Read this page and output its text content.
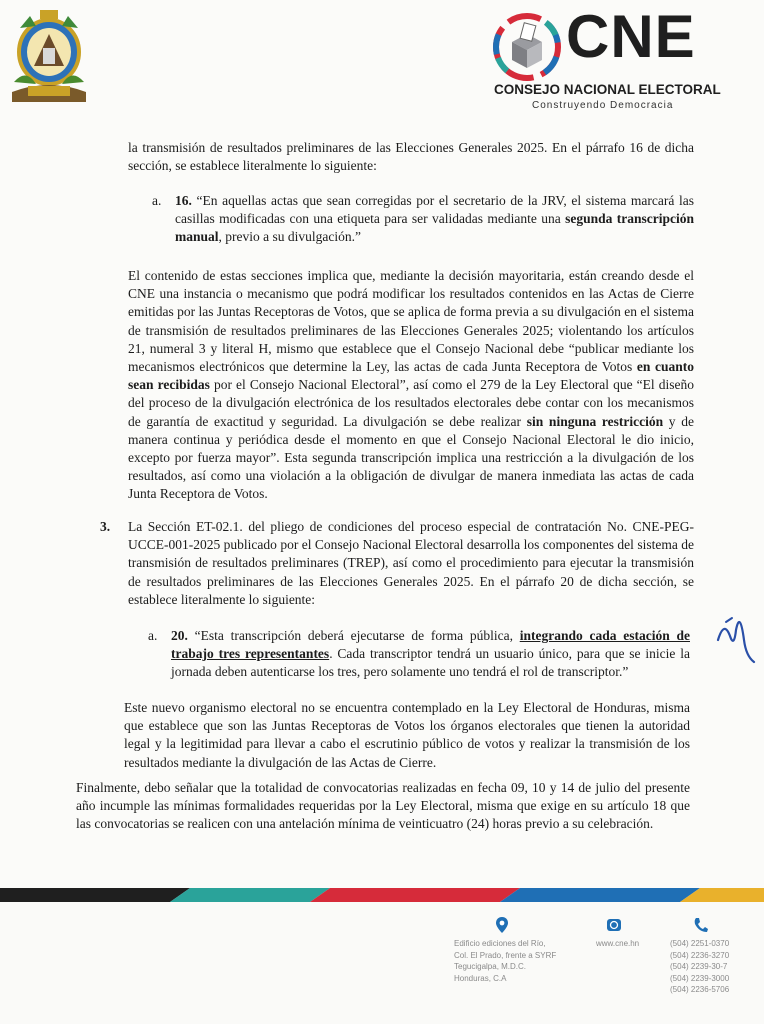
CNE
CONSEJO NACIONAL ELECTORAL
Construyendo Democracia

la transmisión de resultados preliminares de las Elecciones Generales 2025. En el párrafo 16 de dicha sección, se establece literalmente lo siguiente:

a. 16. “En aquellas actas que sean corregidas por el secretario de la JRV, el sistema marcará las casillas modificadas con una etiqueta para ser validadas mediante una segunda transcripción manual, previo a su divulgación.”

El contenido de estas secciones implica que, mediante la decisión mayoritaria, están creando desde el CNE una instancia o mecanismo que podrá modificar los resultados contenidos en las Actas de Cierre emitidas por las Juntas Receptoras de Votos, que se aplica de forma previa a su divulgación en el sistema de transmisión de resultados preliminares de las Elecciones Generales 2025; violentando los artículos 21, numeral 3 y literal H, mismo que establece que el Consejo Nacional debe “publicar mediante los mecanismos electrónicos que determine la Ley, las actas de cada Junta Receptora de Votos en cuanto sean recibidas por el Consejo Nacional Electoral”, así como el 279 de la Ley Electoral que “El diseño del proceso de la divulgación electrónica de los resultados electorales debe contar con los mecanismos de garantía de exactitud y seguridad. La divulgación se debe realizar sin ninguna restricción y de manera continua y periódica desde el momento en que el Consejo Nacional Electoral le dio inicio, excepto por fuerza mayor”. Esta segunda transcripción implica una restricción a la divulgación de los resultados, así como una violación a la obligación de divulgar de manera inmediata las actas de cada Junta Receptora de Votos.

3. La Sección ET-02.1. del pliego de condiciones del proceso especial de contratación No. CNE-PEG-UCCE-001-2025 publicado por el Consejo Nacional Electoral desarrolla los componentes del sistema de transmisión de resultados preliminares (TREP), así como el procedimiento para ejecutar la transmisión de resultados preliminares de las Elecciones Generales 2025. En el párrafo 20 de dicha sección, se establece literalmente lo siguiente:

a. 20. “Esta transcripción deberá ejecutarse de forma pública, integrando cada estación de trabajo tres representantes. Cada transcriptor tendrá un usuario único, para que se inicie la jornada deben autenticarse los tres, pero solamente uno tendrá el rol de transcriptor.”

Este nuevo organismo electoral no se encuentra contemplado en la Ley Electoral de Honduras, misma que establece que son las Juntas Receptoras de Votos los órganos electorales que tienen la autoridad legal y la legitimidad para llevar a cabo el escrutinio público de votos y realizar la transmisión de los resultados mediante la divulgación de las Actas de Cierre.

Finalmente, debo señalar que la totalidad de convocatorias realizadas en fecha 09, 10 y 14 de julio del presente año incumple las mínimas formalidades requeridas por la Ley Electoral, misma que exige en su artículo 18 que las convocatorias se realicen con una antelación mínima de veinticuatro (24) horas previo a su celebración.

Edificio ediciones del Río,
Col. El Prado, frente a SYRF
Tegucigalpa, M.D.C.
Honduras, C.A
www.cne.hn	(504) 2251-0370
(504) 2236-3270
(504) 2239-30-7
(504) 2239-3000
(504) 2236-5706
